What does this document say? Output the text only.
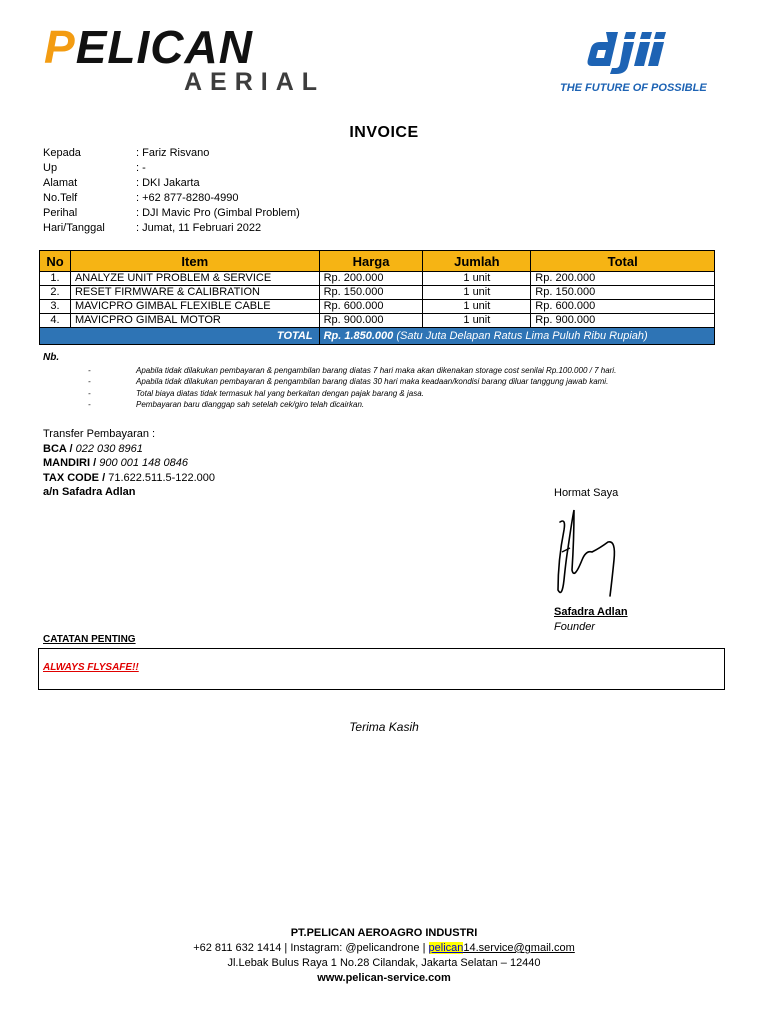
PELICAN
AERIAL	THE FUTURE OF POSSIBLE
INVOICE
Kepada	: Fariz Risvano
Up	: -
Alamat	: DKI Jakarta
No.Telf	: +62 877-8280-4990
Perihal	: DJI Mavic Pro (Gimbal Problem)
Hari/Tanggal	: Jumat, 11 Februari 2022
No	Item	Harga	Jumlah	Total
1.	ANALYZE UNIT PROBLEM & SERVICE	Rp. 200.000	1 unit	Rp. 200.000
2.	RESET FIRMWARE & CALIBRATION	Rp. 150.000	1 unit	Rp. 150.000
3.	MAVICPRO GIMBAL FLEXIBLE CABLE	Rp. 600.000	1 unit	Rp. 600.000
4.	MAVICPRO GIMBAL MOTOR	Rp. 900.000	1 unit	Rp. 900.000
TOTAL		Rp. 1.850.000 (Satu Juta Delapan Ratus Lima Puluh Ribu Rupiah)		
Nb.
-	Apabila tidak dilakukan pembayaran & pengambilan barang diatas 7 hari maka akan dikenakan storage cost senilai Rp.100.000 / 7 hari.
-	Apabila tidak dilakukan pembayaran & pengambilan barang diatas 30 hari maka keadaan/kondisi barang diluar tanggung jawab kami.
-	Total biaya diatas tidak termasuk hal yang berkaitan dengan pajak barang & jasa.
-	Pembayaran baru dianggap sah setelah cek/giro telah dicairkan.
Transfer Pembayaran :
BCA / 022 030 8961
MANDIRI / 900 001 148 0846
TAX CODE / 71.622.511.5-122.000
a/n Safadra Adlan	Hormat Saya
Safadra Adlan
Founder
CATATAN PENTING
ALWAYS FLYSAFE!!
Terima Kasih
PT.PELICAN AEROAGRO INDUSTRI
+62 811 632 1414 | Instagram: @pelicandrone | pelican14.service@gmail.com
Jl.Lebak Bulus Raya 1 No.28 Cilandak, Jakarta Selatan – 12440
www.pelican-service.com
